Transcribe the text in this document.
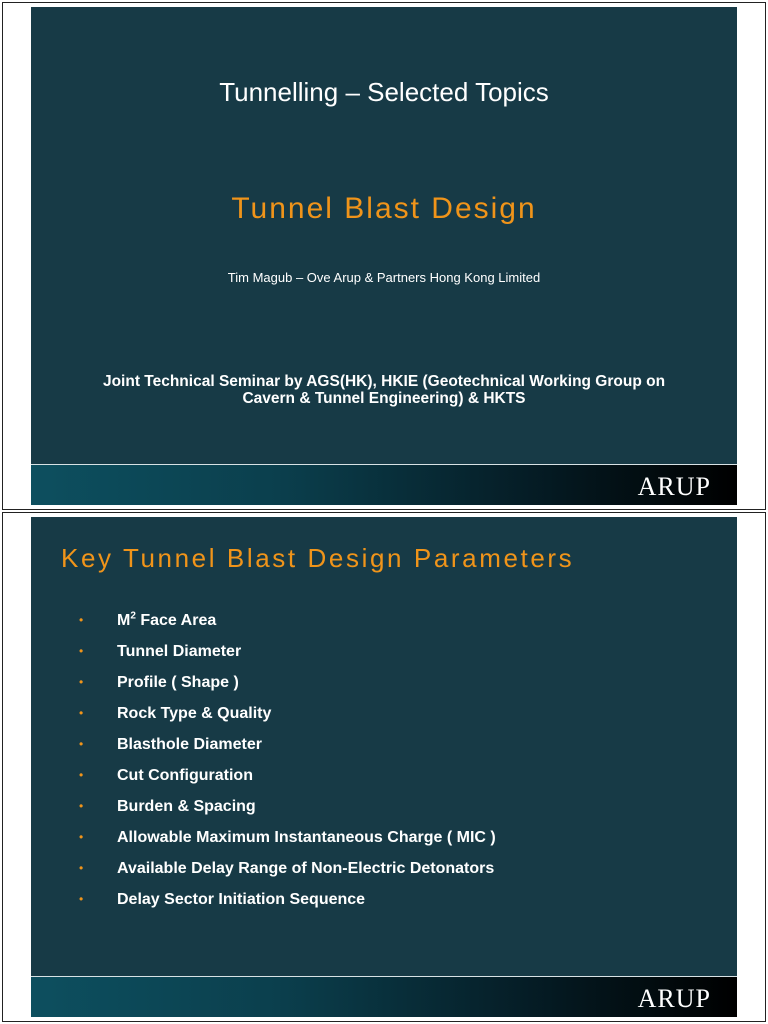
Tunnelling – Selected Topics
Tunnel Blast Design
Tim Magub – Ove Arup & Partners Hong Kong Limited
Joint Technical Seminar by AGS(HK), HKIE (Geotechnical Working Group on
Cavern & Tunnel Engineering) & HKTS
ARUP
Key Tunnel Blast Design Parameters
• $M^2$ Face Area
• Tunnel Diameter
• Profile ( Shape )
• Rock Type & Quality
• Blasthole Diameter
• Cut Configuration
• Burden & Spacing
• Allowable Maximum Instantaneous Charge ( MIC )
• Available Delay Range of Non-Electric Detonators
• Delay Sector Initiation Sequence
ARUP
